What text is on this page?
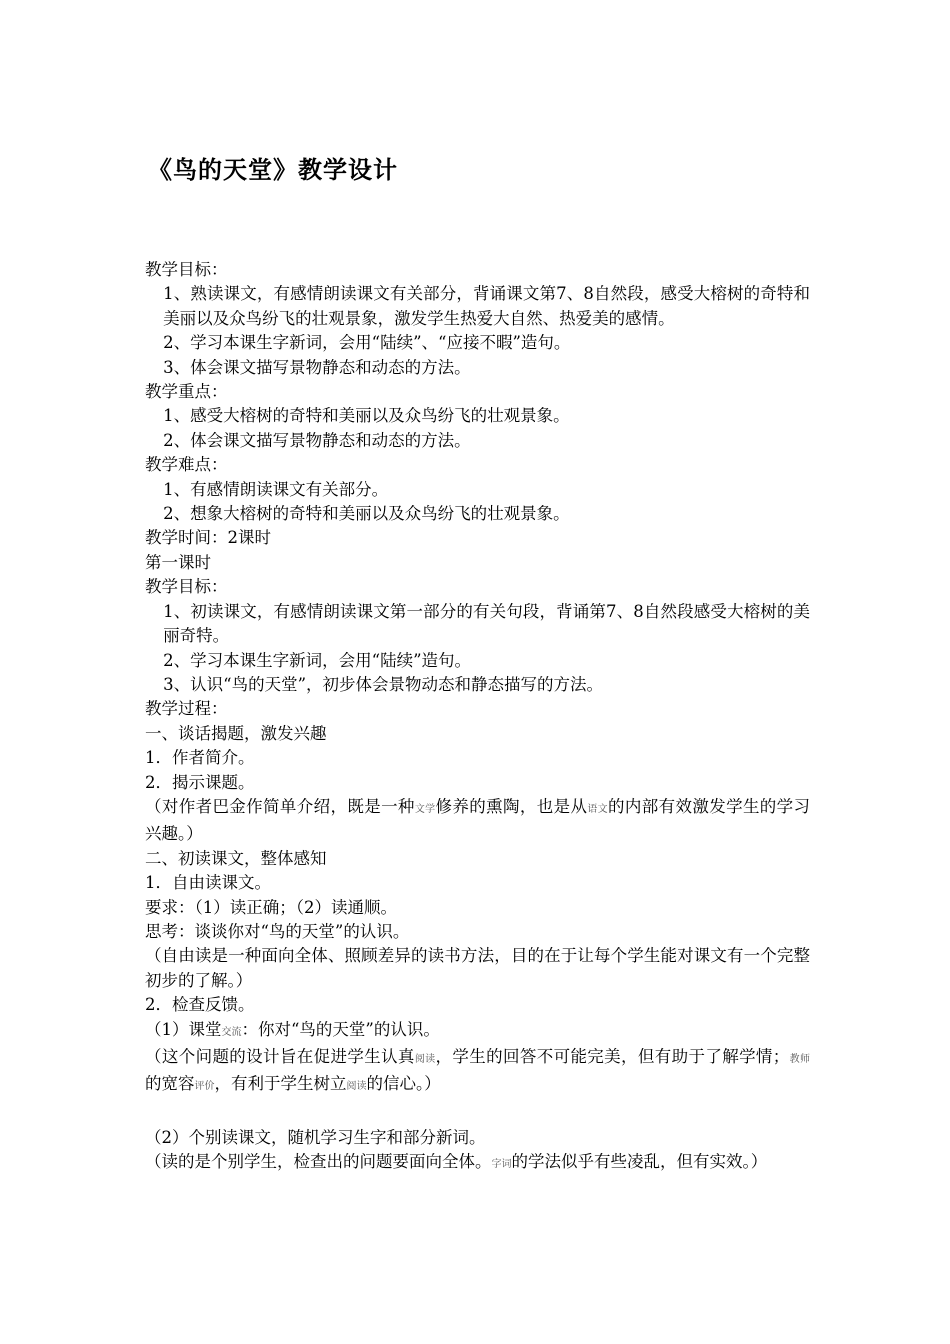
《鸟的天堂》教学设计

教学目标：

1、熟读课文，有感情朗读课文有关部分，背诵课文第7、8自然段，感受大榕树的奇特和美丽以及众鸟纷飞的壮观景象，激发学生热爱大自然、热爱美的感情。

2、学习本课生字新词，会用“陆续”、“应接不暇”造句。

3、体会课文描写景物静态和动态的方法。

教学重点：

1、感受大榕树的奇特和美丽以及众鸟纷飞的壮观景象。

2、体会课文描写景物静态和动态的方法。

教学难点：

1、有感情朗读课文有关部分。

2、想象大榕树的奇特和美丽以及众鸟纷飞的壮观景象。

教学时间：2课时

第一课时

教学目标：

1、初读课文，有感情朗读课文第一部分的有关句段，背诵第7、8自然段感受大榕树的美丽奇特。

2、学习本课生字新词，会用“陆续”造句。

3、认识“鸟的天堂”，初步体会景物动态和静态描写的方法。

教学过程：

一、谈话揭题，激发兴趣

1．作者简介。

2．揭示课题。

（对作者巴金作简单介绍，既是一种文学修养的熏陶，也是从语文的内部有效激发学生的学习兴趣。）

二、初读课文，整体感知

1．自由读课文。

要求：（1）读正确；（2）读通顺。

思考：谈谈你对“鸟的天堂”的认识。

（自由读是一种面向全体、照顾差异的读书方法，目的在于让每个学生能对课文有一个完整初步的了解。）

2．检查反馈。

（1）课堂交流：你对“鸟的天堂”的认识。

（这个问题的设计旨在促进学生认真阅读，学生的回答不可能完美，但有助于了解学情；教师的宽容评价，有利于学生树立阅读的信心。）

（2）个别读课文，随机学习生字和部分新词。

（读的是个别学生，检查出的问题要面向全体。字词的学法似乎有些凌乱，但有实效。）
